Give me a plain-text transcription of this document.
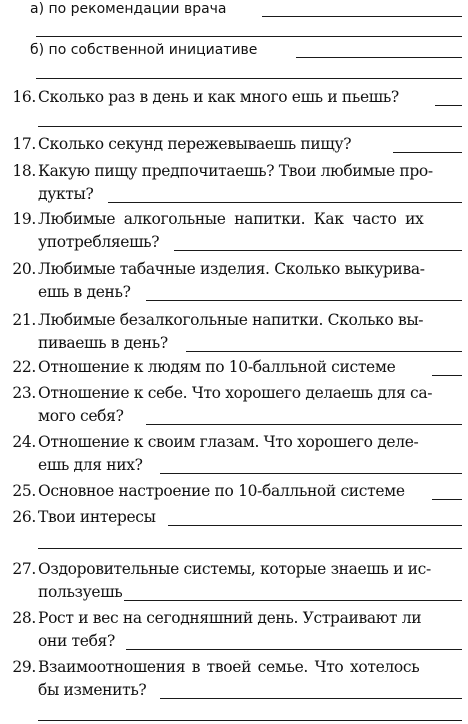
а) по рекомендации врача
б) по собственной инициативе
16. Сколько раз в день и как много ешь и пьешь?
17. Сколько секунд пережевываешь пищу?
18. Какую пищу предпочитаешь? Твои любимые про-
дукты?
19. Любимые алкогольные напитки. Как часто их
употребляешь?
20. Любимые табачные изделия. Сколько выкурива-
ешь в день?
21. Любимые безалкогольные напитки. Сколько вы-
пиваешь в день?
22. Отношение к людям по 10-балльной системе
23. Отношение к себе. Что хорошего делаешь для са-
мого себя?
24. Отношение к своим глазам. Что хорошего деле-
ешь для них?
25. Основное настроение по 10-балльной системе
26. Твои интересы
27. Оздоровительные системы, которые знаешь и ис-
пользуешь
28. Рост и вес на сегодняшний день. Устраивают ли
они тебя?
29. Взаимоотношения в твоей семье. Что хотелось
бы изменить?
